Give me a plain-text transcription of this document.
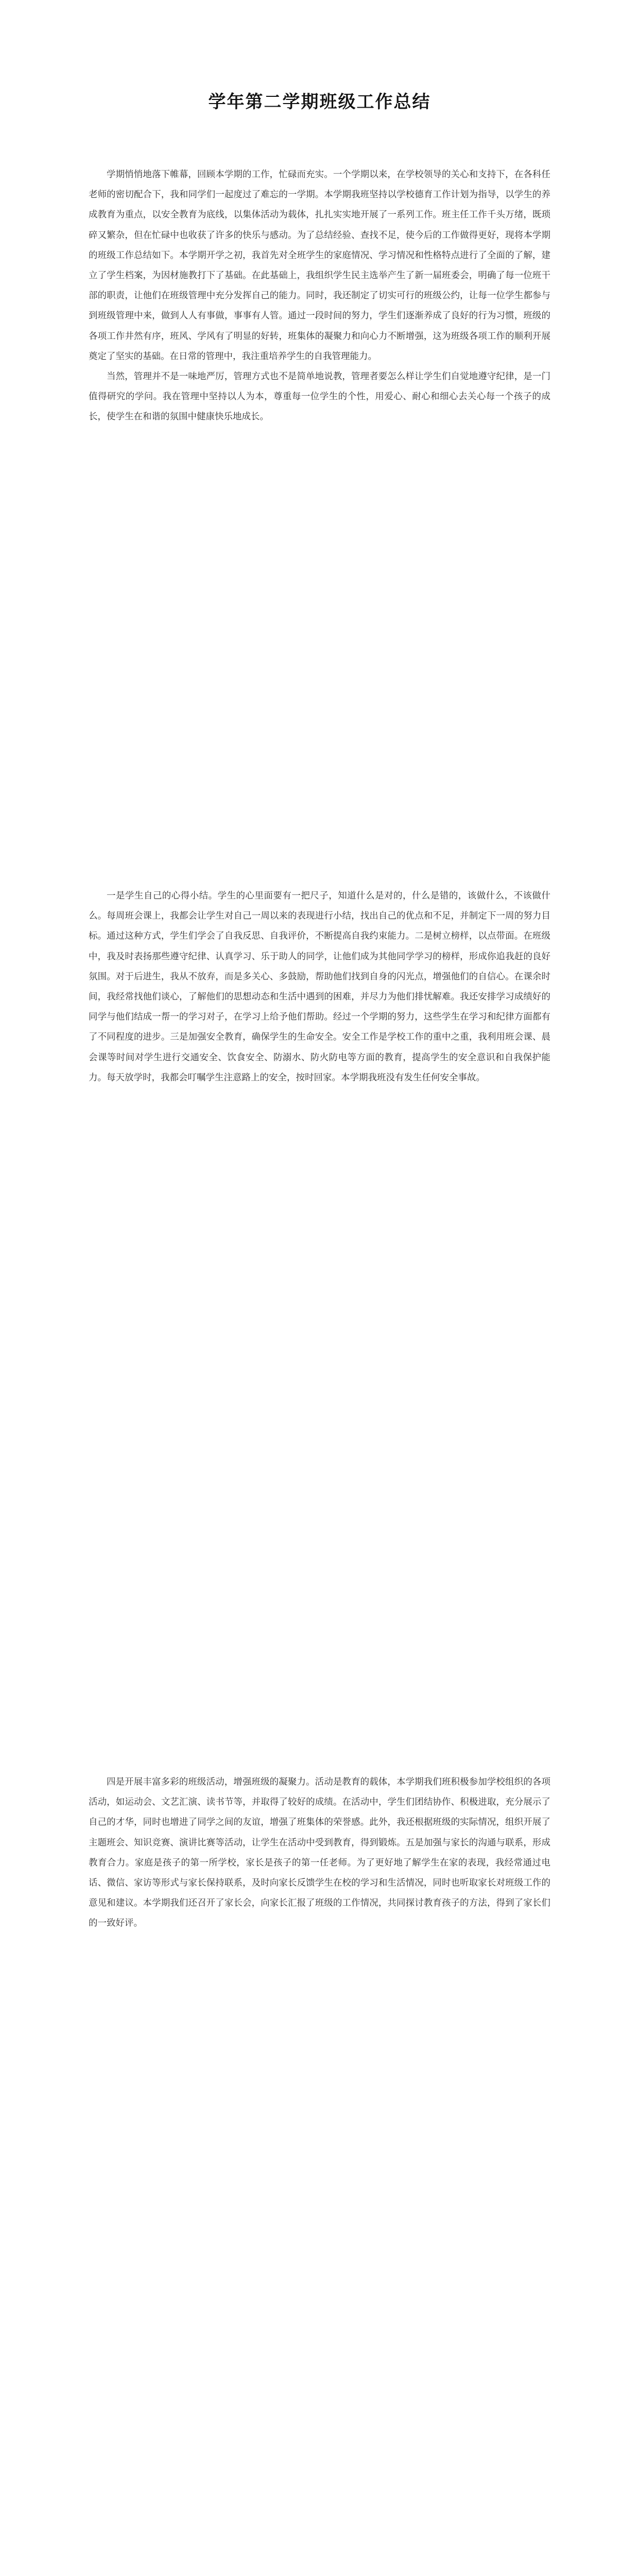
学年第二学期班级工作总结

学期悄悄地落下帷幕，回顾本学期的工作，忙碌而充实。一个学期以来，在学校领导的关心和支持下，在各科任老师的密切配合下，我和同学们一起度过了难忘的一学期。本学期我班坚持以学校德育工作计划为指导，以学生的养成教育为重点，以安全教育为底线，以集体活动为载体，扎扎实实地开展了一系列工作。班主任工作千头万绪，既琐碎又繁杂，但在忙碌中也收获了许多的快乐与感动。为了总结经验、查找不足，使今后的工作做得更好，现将本学期的班级工作总结如下。本学期开学之初，我首先对全班学生的家庭情况、学习情况和性格特点进行了全面的了解，建立了学生档案，为因材施教打下了基础。在此基础上，我组织学生民主选举产生了新一届班委会，明确了每一位班干部的职责，让他们在班级管理中充分发挥自己的能力。同时，我还制定了切实可行的班级公约，让每一位学生都参与到班级管理中来，做到人人有事做，事事有人管。通过一段时间的努力，学生们逐渐养成了良好的行为习惯，班级的各项工作井然有序，班风、学风有了明显的好转，班集体的凝聚力和向心力不断增强，这为班级各项工作的顺利开展奠定了坚实的基础。在日常的管理中，我注重培养学生的自我管理能力。

当然，管理并不是一味地严厉，管理方式也不是简单地说教，管理者要怎么样让学生们自觉地遵守纪律，是一门值得研究的学问。我在管理中坚持以人为本，尊重每一位学生的个性，用爱心、耐心和细心去关心每一个孩子的成长，使学生在和谐的氛围中健康快乐地成长。

一是学生自己的心得小结。学生的心里面要有一把尺子，知道什么是对的，什么是错的，该做什么，不该做什么。每周班会课上，我都会让学生对自己一周以来的表现进行小结，找出自己的优点和不足，并制定下一周的努力目标。通过这种方式，学生们学会了自我反思、自我评价，不断提高自我约束能力。二是树立榜样，以点带面。在班级中，我及时表扬那些遵守纪律、认真学习、乐于助人的同学，让他们成为其他同学学习的榜样，形成你追我赶的良好氛围。对于后进生，我从不放弃，而是多关心、多鼓励，帮助他们找到自身的闪光点，增强他们的自信心。在课余时间，我经常找他们谈心，了解他们的思想动态和生活中遇到的困难，并尽力为他们排忧解难。我还安排学习成绩好的同学与他们结成一帮一的学习对子，在学习上给予他们帮助。经过一个学期的努力，这些学生在学习和纪律方面都有了不同程度的进步。三是加强安全教育，确保学生的生命安全。安全工作是学校工作的重中之重，我利用班会课、晨会课等时间对学生进行交通安全、饮食安全、防溺水、防火防电等方面的教育，提高学生的安全意识和自我保护能力。每天放学时，我都会叮嘱学生注意路上的安全，按时回家。本学期我班没有发生任何安全事故。

四是开展丰富多彩的班级活动，增强班级的凝聚力。活动是教育的载体，本学期我们班积极参加学校组织的各项活动，如运动会、文艺汇演、读书节等，并取得了较好的成绩。在活动中，学生们团结协作、积极进取，充分展示了自己的才华，同时也增进了同学之间的友谊，增强了班集体的荣誉感。此外，我还根据班级的实际情况，组织开展了主题班会、知识竞赛、演讲比赛等活动，让学生在活动中受到教育，得到锻炼。五是加强与家长的沟通与联系，形成教育合力。家庭是孩子的第一所学校，家长是孩子的第一任老师。为了更好地了解学生在家的表现，我经常通过电话、微信、家访等形式与家长保持联系，及时向家长反馈学生在校的学习和生活情况，同时也听取家长对班级工作的意见和建议。本学期我们还召开了家长会，向家长汇报了班级的工作情况，共同探讨教育孩子的方法，得到了家长们的一致好评。
